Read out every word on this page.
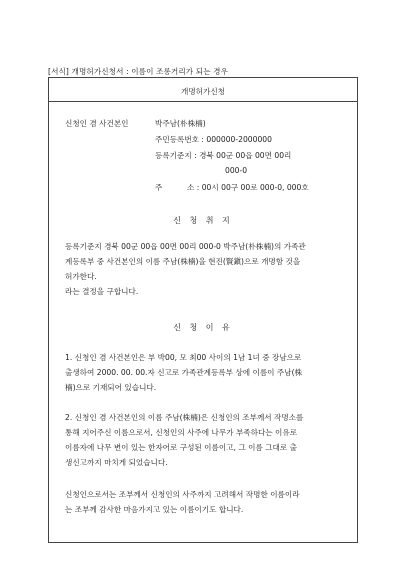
[서식] 개명허가신청서 : 이름이 조롱거리가 되는 경우
개명허가신청
신청인 겸 사건본인	박주남(朴株楠)
주민등록번호 : 000000-2000000
등록기준지 : 경북 00군 00읍 00면 00리
000-0
주	소 : 00시 00구 00로 000-0, 000호
신 청 취 지
등록기준지 경북 00군 00읍 00면 00리 000-0 박주남(朴株楠)의 가족관
계등록부 중 사건본인의 이름 주남(株楠)을 현진(賢鎭)으로 개명함 것을
허가한다.
라는 결정을 구합니다.
신 청 이 유
1. 신청인 겸 사건본인은 부 박00, 모 최00 사이의 1남 1녀 중 장남으로
출생하여 2000. 00. 00.자 신고로 가족관계등록부 상에 이름이 주남(株
楠)으로 기재되어 있습니다.
2. 신청인 겸 사건본인의 이름 주남(株楠)은 신청인의 조부께서 작명소를
통해 지어주신 이름으로서, 신청인의 사주에 나무가 부족하다는 이유로
이름자에 나무 변이 있는 한자어로 구성된 이름이고, 그 이름 그대로 출
생신고까지 마치게 되었습니다.
신청인으로서는 조부께서 신청인의 사주까지 고려해서 작명한 이름이라
는 조부께 감사한 마음가지고 있는 이름이기도 합니다.
